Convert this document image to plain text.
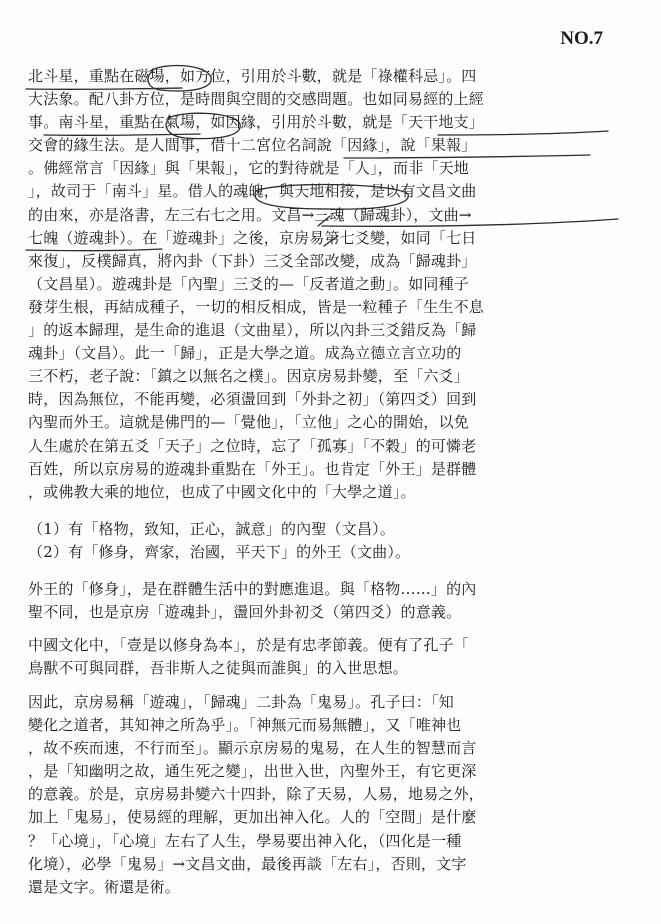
NO.7
北斗星，重點在磁場，如方位，引用於斗數，就是「祿權科忌」。四
大法象。配八卦方位，是時間與空間的交感問題。也如同易經的上經
事。南斗星，重點在氣場，如因緣，引用於斗數，就是「天干地支」
交會的緣生法。是人間事，借十二宮位名詞說「因緣」，說「果報」
。佛經常言「因緣」與「果報」，它的對待就是「人」，而非「天地
」，故司于「南斗」星。借人的魂魄，與天地相接，是以有文昌文曲
的由來，亦是洛書，左三右七之用。文昌→三魂（歸魂卦），文曲→
七魄（遊魂卦）。在「遊魂卦」之後，京房易第七爻變，如同「七日
來復」，反樸歸真，將內卦（下卦）三爻全部改變，成為「歸魂卦」
（文昌星）。遊魂卦是「內聖」三爻的—「反者道之動」。如同種子
發芽生根，再結成種子，一切的相反相成，皆是一粒種子「生生不息
」的返本歸理，是生命的進退（文曲星），所以內卦三爻錯反為「歸
魂卦」（文昌）。此一「歸」，正是大學之道。成為立德立言立功的
三不朽，老子說：「鎮之以無名之樸」。因京房易卦變，至「六爻」
時，因為無位，不能再變，必須盪回到「外卦之初」（第四爻）回到
內聖而外王。這就是佛門的—「覺他」，「立他」之心的開始，以免
人生處於在第五爻「天子」之位時，忘了「孤寡」「不穀」的可憐老
百姓，所以京房易的遊魂卦重點在「外王」。也肯定「外王」是群體
，或佛教大乘的地位，也成了中國文化中的「大學之道」。
（1）有「格物，致知，正心，誠意」的內聖（文昌）。
（2）有「修身，齊家，治國，平天下」的外王（文曲）。
外王的「修身」，是在群體生活中的對應進退。與「格物……」的內
聖不同，也是京房「遊魂卦」，盪回外卦初爻（第四爻）的意義。
中國文化中，「壹是以修身為本」，於是有忠孝節義。便有了孔子「
鳥獸不可與同群，吾非斯人之徒與而誰與」的入世思想。
因此，京房易稱「遊魂」，「歸魂」二卦為「鬼易」。孔子曰：「知
變化之道者，其知神之所為乎」。「神無元而易無體」，又「唯神也
，故不疾而速，不行而至」。顯示京房易的鬼易，在人生的智慧而言
，是「知幽明之故，通生死之變」，出世入世，內聖外王，有它更深
的意義。於是，京房易卦變六十四卦，除了天易，人易，地易之外，
加上「鬼易」，使易經的理解，更加出神入化。人的「空間」是什麼
？「心境」，「心境」左右了人生，學易要出神入化，（四化是一種
化境），必學「鬼易」→文昌文曲，最後再談「左右」，否則，文字
還是文字。術還是術。
